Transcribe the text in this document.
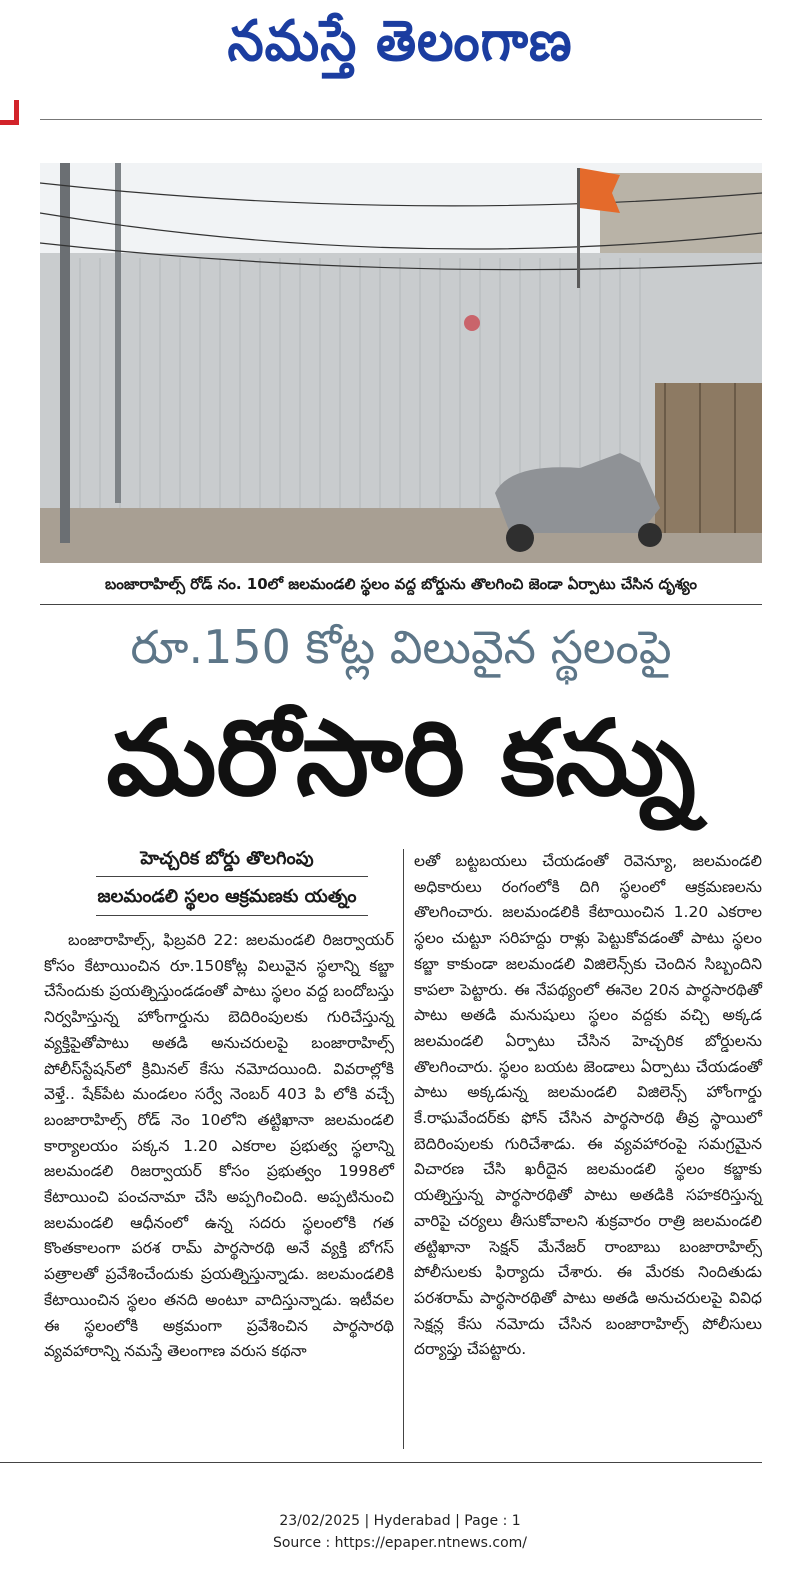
నమస్తే తెలంగాణ
బంజారాహిల్స్ రోడ్ నం. 10లో జలమండలి స్థలం వద్ద బోర్డును తొలగించి జెండా ఏర్పాటు చేసిన దృశ్యం
రూ.150 కోట్ల విలువైన స్థలంపై
మరోసారి కన్ను
హెచ్చరిక బోర్డు తొలగింపు
జలమండలి స్థలం ఆక్రమణకు యత్నం

బంజారాహిల్స్, ఫిబ్రవరి 22: జలమండలి రిజర్వాయర్ కోసం కేటాయించిన రూ.150కోట్ల విలువైన స్థలాన్ని కబ్జా చేసేందుకు ప్రయత్నిస్తుండడంతో పాటు స్థలం వద్ద బందోబస్తు నిర్వహిస్తున్న హోంగార్డును బెదిరింపులకు గురిచేస్తున్న వ్యక్తిపైతోపాటు అతడి అనుచరులపై బంజారాహిల్స్ పోలీస్‌స్టేషన్‌లో క్రిమినల్ కేసు నమోదయింది. వివరాల్లోకి వెళ్తే.. షేక్‌పేట మండలం సర్వే నెంబర్ 403 పి లోకి వచ్చే బంజారాహిల్స్ రోడ్ నెం 10లోని తట్టిఖానా జలమండలి కార్యాలయం పక్కన 1.20 ఎకరాల ప్రభుత్వ స్థలాన్ని జలమండలి రిజర్వాయర్ కోసం ప్రభుత్వం 1998లో కేటాయించి పంచనామా చేసి అప్పగించింది. అప్పటినుంచి జలమండలి ఆధీనంలో ఉన్న సదరు స్థలంలోకి గత కొంతకాలంగా పరశ రామ్ పార్థసారథి అనే వ్యక్తి బోగస్ పత్రాలతో ప్రవేశించేందుకు ప్రయత్నిస్తున్నాడు. జలమండలికి కేటాయించిన స్థలం తనది అంటూ వాదిస్తున్నాడు. ఇటీవల ఈ స్థలంలోకి అక్రమంగా ప్రవేశించిన పార్థసారథి వ్యవహారాన్ని నమస్తే తెలంగాణ వరుస కథనా

లతో బట్టబయలు చేయడంతో రెవెన్యూ, జలమండలి అధికారులు రంగంలోకి దిగి స్థలంలో ఆక్రమణలను తొలగించారు. జలమండలికి కేటాయించిన 1.20 ఎకరాల స్థలం చుట్టూ సరిహద్దు రాళ్లు పెట్టుకోవడంతో పాటు స్థలం కబ్జా కాకుండా జలమండలి విజిలెన్స్‌కు చెందిన సిబ్బందిని కాపలా పెట్టారు. ఈ నేపథ్యంలో ఈనెల 20న పార్థసారథితో పాటు అతడి మనుషులు స్థలం వద్దకు వచ్చి అక్కడ జలమండలి ఏర్పాటు చేసిన హెచ్చరిక బోర్డులను తొలగించారు. స్థలం బయట జెండాలు ఏర్పాటు చేయడంతో పాటు అక్కడున్న జలమండలి విజిలెన్స్ హోంగార్డు కే.రాఘవేందర్‌కు ఫోన్ చేసిన పార్థసారథి తీవ్ర స్థాయిలో బెదిరింపులకు గురిచేశాడు. ఈ వ్యవహారంపై సమగ్రమైన విచారణ చేసి ఖరీదైన జలమండలి స్థలం కబ్జాకు యత్నిస్తున్న పార్థసారథితో పాటు అతడికి సహకరిస్తున్న వారిపై చర్యలు తీసుకోవాలని శుక్రవారం రాత్రి జలమండలి తట్టిఖానా సెక్షన్ మేనేజర్ రాంబాబు బంజారాహిల్స్ పోలీసులకు ఫిర్యాదు చేశారు. ఈ మేరకు నిందితుడు పరశరామ్ పార్థసారథితో పాటు అతడి అనుచరులపై వివిధ సెక్షన్ల కేసు నమోదు చేసిన బంజారాహిల్స్ పోలీసులు దర్యాప్తు చేపట్టారు.

23/02/2025 | Hyderabad | Page : 1
Source : https://epaper.ntnews.com/
